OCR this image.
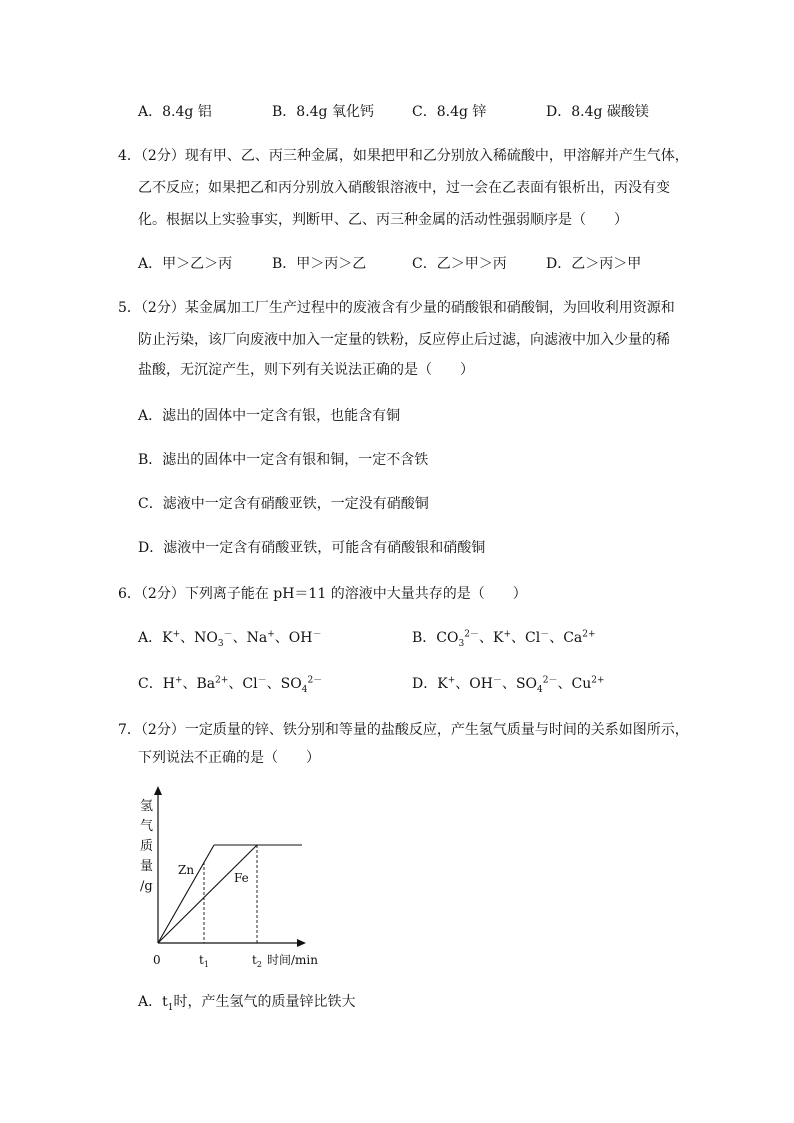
A．8.4g 铝	B．8.4g 氧化钙	C．8.4g 锌	D．8.4g 碳酸镁
4．（2分）现有甲、乙、丙三种金属，如果把甲和乙分别放入稀硫酸中，甲溶解并产生气体，
乙不反应；如果把乙和丙分别放入硝酸银溶液中，过一会在乙表面有银析出，丙没有变
化。根据以上实验事实，判断甲、乙、丙三种金属的活动性强弱顺序是（　　）
A．甲＞乙＞丙	B．甲＞丙＞乙	C．乙＞甲＞丙	D．乙＞丙＞甲
5．（2分）某金属加工厂生产过程中的废液含有少量的硝酸银和硝酸铜，为回收利用资源和
防止污染，该厂向废液中加入一定量的铁粉，反应停止后过滤，向滤液中加入少量的稀
盐酸，无沉淀产生，则下列有关说法正确的是（　　）
A．滤出的固体中一定含有银，也能含有铜
B．滤出的固体中一定含有银和铜，一定不含铁
C．滤液中一定含有硝酸亚铁，一定没有硝酸铜
D．滤液中一定含有硝酸亚铁，可能含有硝酸银和硝酸铜
6．（2分）下列离子能在 pH＝11 的溶液中大量共存的是（　　）
A．K+、$NO_3^-$、Na+、OH－	B．$CO_3^{2-}$、K+、Cl－、$Ca^{2+}$
C．H+、$Ba^{2+}$、Cl－、$SO_4^{2-}$	D．K+、OH－、$SO_4^{2-}$、$Cu^{2+}$
7．（2分）一定质量的锌、铁分别和等量的盐酸反应，产生氢气质量与时间的关系如图所示，
下列说法不正确的是（　　）
氢
气
质
量
/g
Zn
Fe
0	$t_1$	$t_2$ 时间/min
A．$t_1$时，产生氢气的质量锌比铁大
